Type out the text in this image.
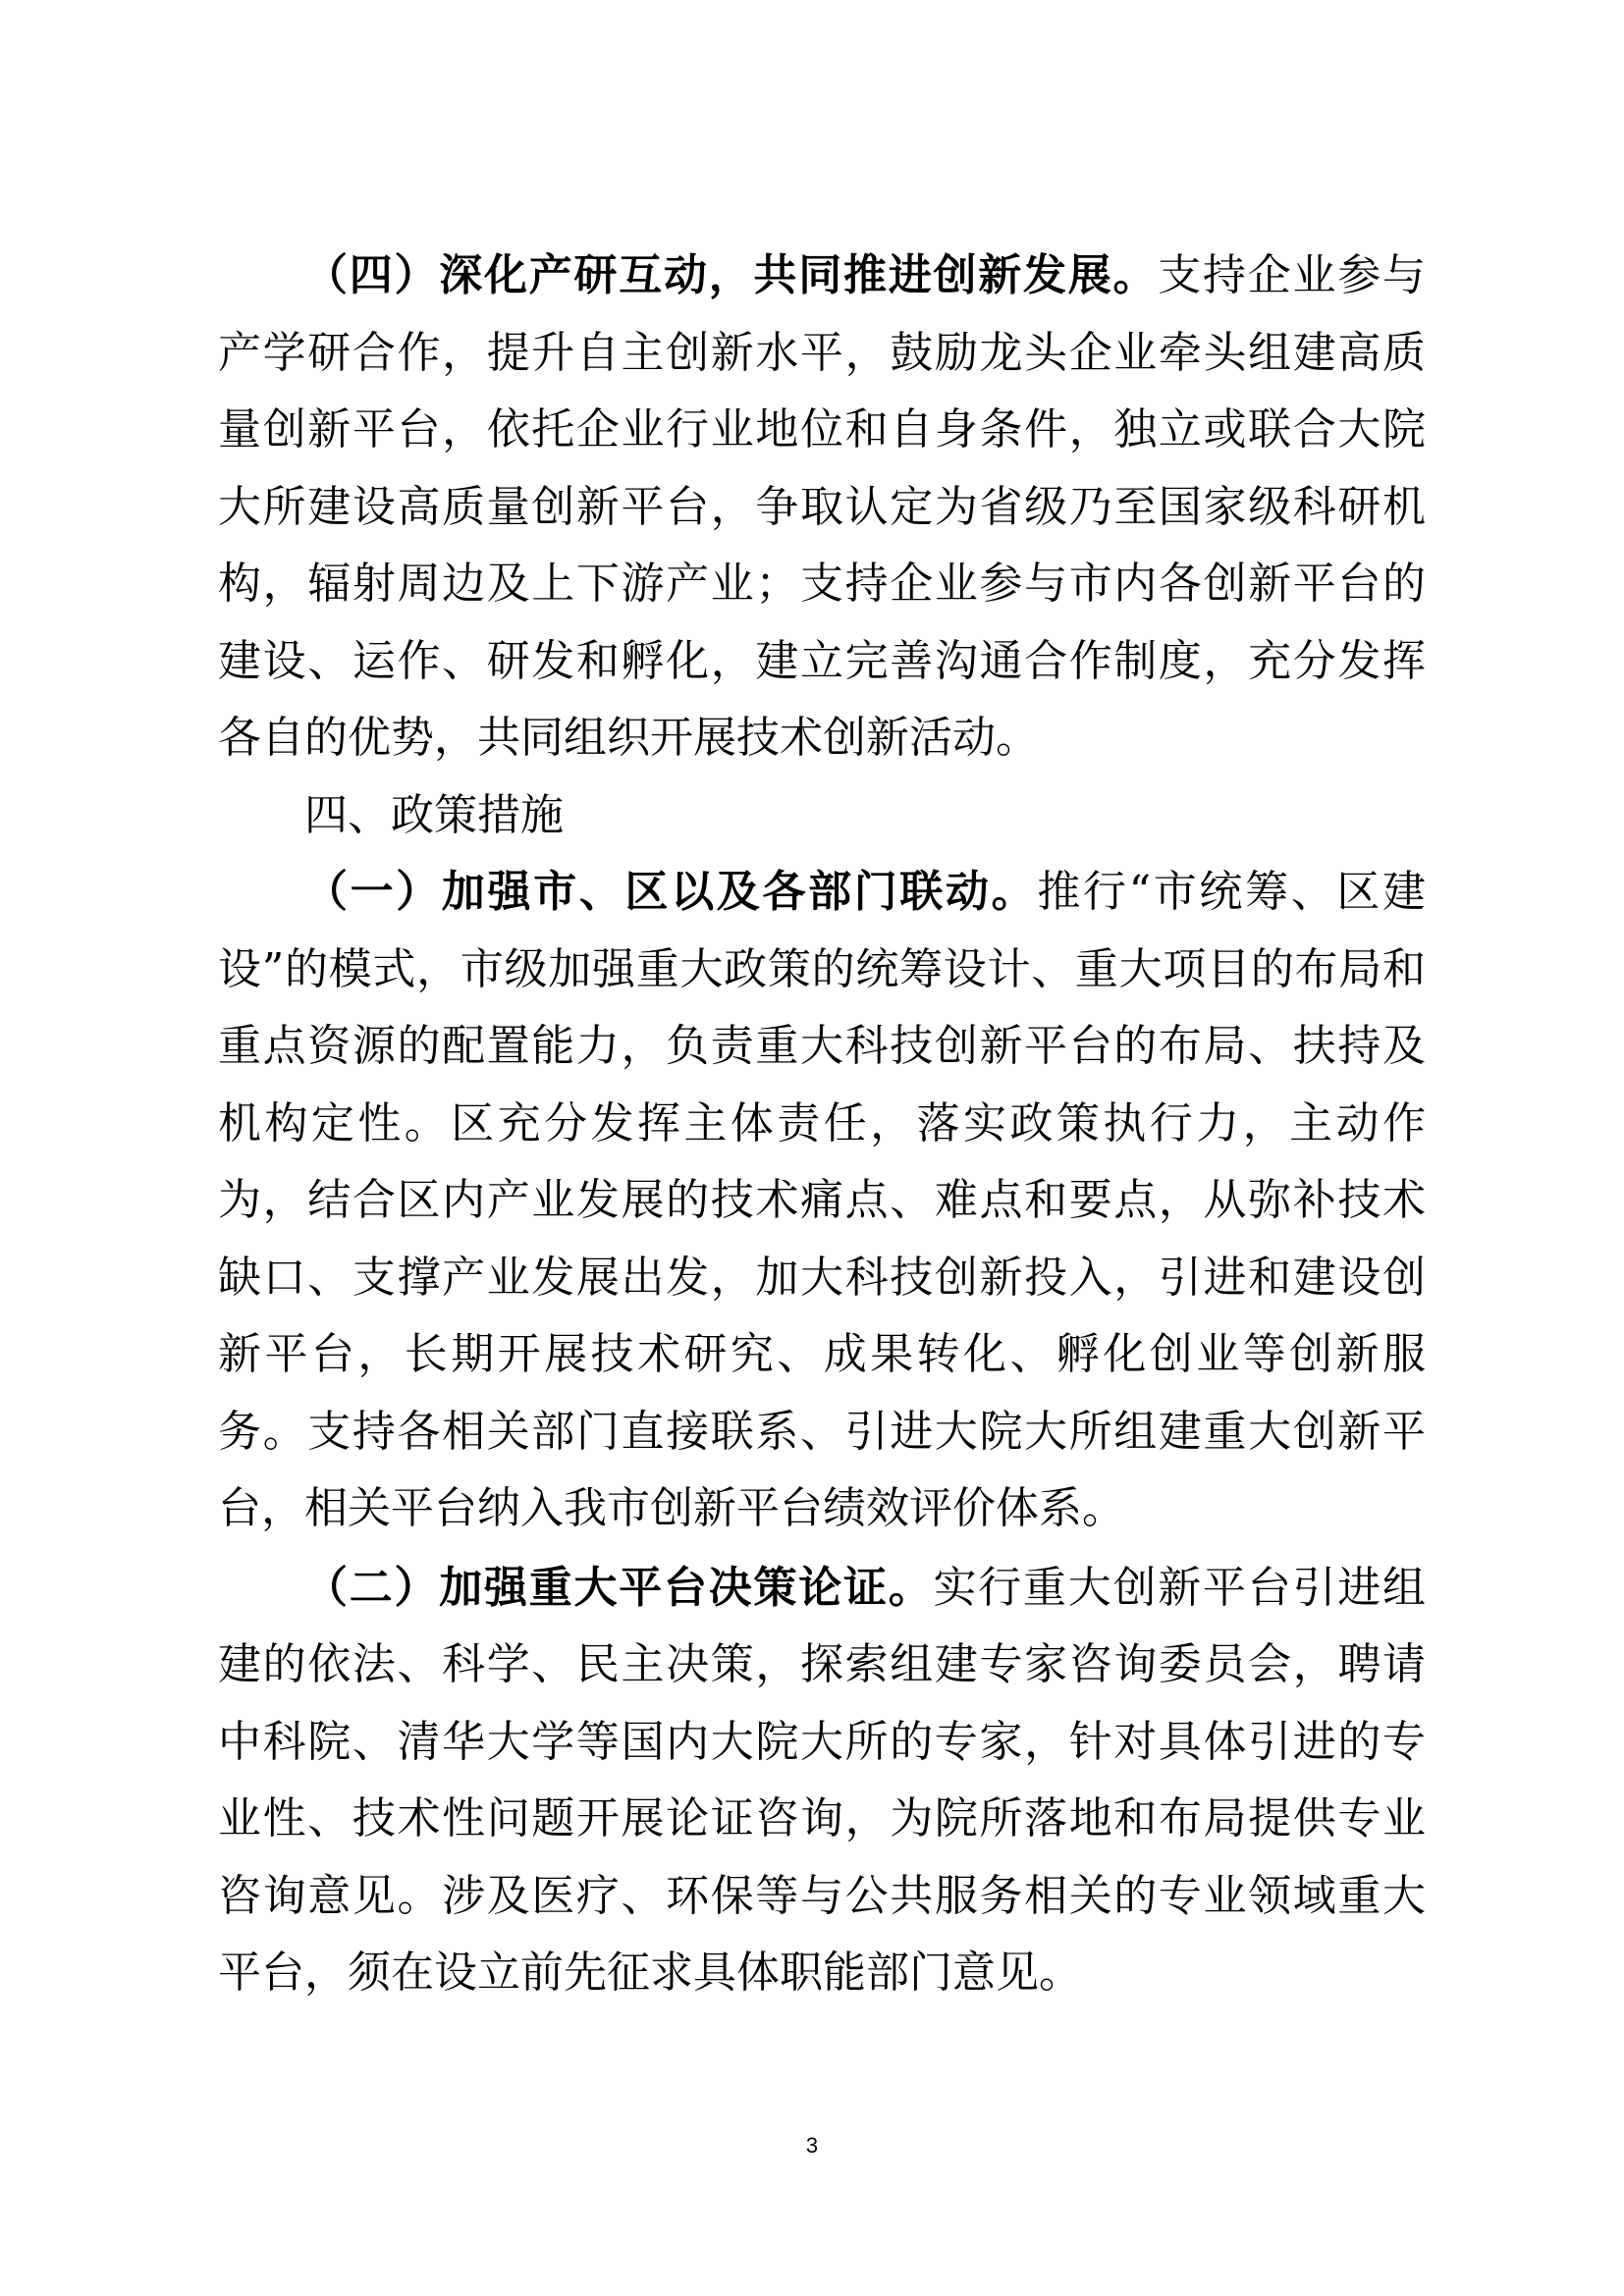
（四）深化产研互动，共同推进创新发展。支持企业参与产学研合作，提升自主创新水平，鼓励龙头企业牵头组建高质量创新平台，依托企业行业地位和自身条件，独立或联合大院大所建设高质量创新平台，争取认定为省级乃至国家级科研机构，辐射周边及上下游产业；支持企业参与市内各创新平台的建设、运作、研发和孵化，建立完善沟通合作制度，充分发挥各自的优势，共同组织开展技术创新活动。

四、政策措施

（一）加强市、区以及各部门联动。推行“市统筹、区建设”的模式，市级加强重大政策的统筹设计、重大项目的布局和重点资源的配置能力，负责重大科技创新平台的布局、扶持及机构定性。区充分发挥主体责任，落实政策执行力，主动作为，结合区内产业发展的技术痛点、难点和要点，从弥补技术缺口、支撑产业发展出发，加大科技创新投入，引进和建设创新平台，长期开展技术研究、成果转化、孵化创业等创新服务。支持各相关部门直接联系、引进大院大所组建重大创新平台，相关平台纳入我市创新平台绩效评价体系。

（二）加强重大平台决策论证。实行重大创新平台引进组建的依法、科学、民主决策，探索组建专家咨询委员会，聘请中科院、清华大学等国内大院大所的专家，针对具体引进的专业性、技术性问题开展论证咨询，为院所落地和布局提供专业咨询意见。涉及医疗、环保等与公共服务相关的专业领域重大平台，须在设立前先征求具体职能部门意见。

3
